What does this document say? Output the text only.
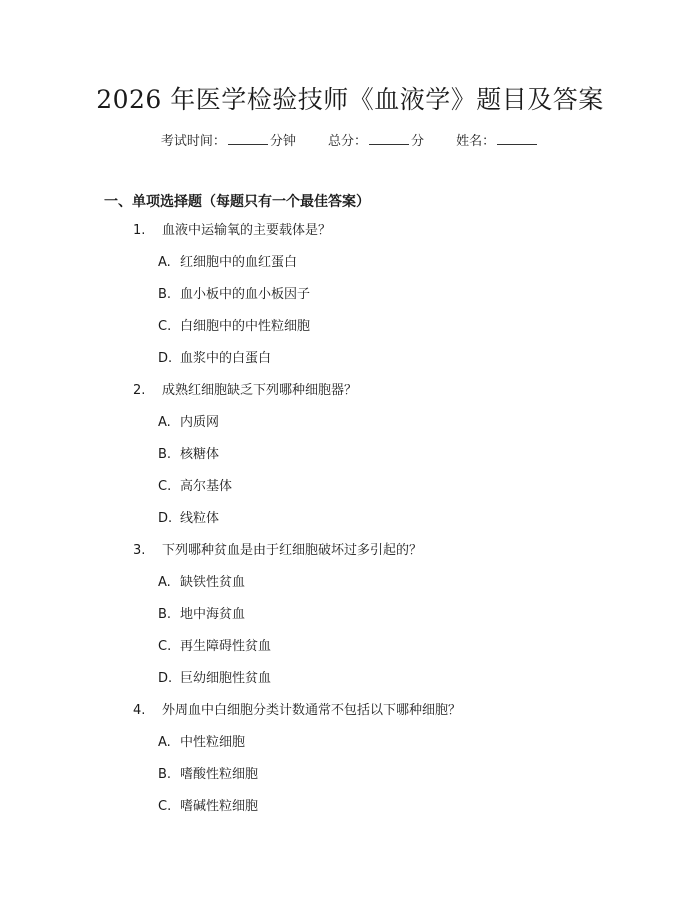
2026 年医学检验技师《血液学》题目及答案
考试时间：	分钟 总分：	分 姓名：
一、单项选择题（每题只有一个最佳答案）
1. 血液中运输氧的主要载体是？
A. 红细胞中的血红蛋白
B. 血小板中的血小板因子
C. 白细胞中的中性粒细胞
D. 血浆中的白蛋白
2. 成熟红细胞缺乏下列哪种细胞器？
A. 内质网
B. 核糖体
C. 高尔基体
D. 线粒体
3. 下列哪种贫血是由于红细胞破坏过多引起的？
A. 缺铁性贫血
B. 地中海贫血
C. 再生障碍性贫血
D. 巨幼细胞性贫血
4. 外周血中白细胞分类计数通常不包括以下哪种细胞？
A. 中性粒细胞
B. 嗜酸性粒细胞
C. 嗜碱性粒细胞
